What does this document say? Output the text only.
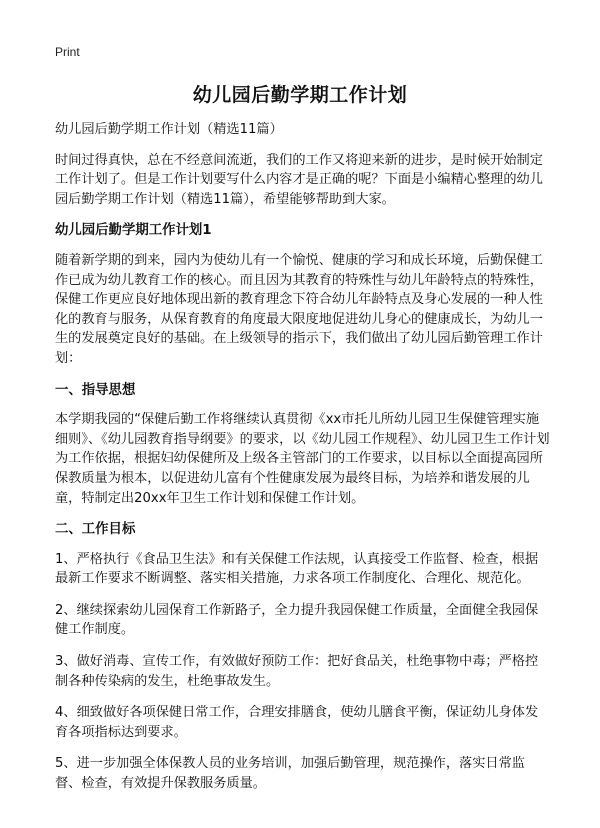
Print
幼儿园后勤学期工作计划

幼儿园后勤学期工作计划（精选11篇）

时间过得真快，总在不经意间流逝，我们的工作又将迎来新的进步，是时候开始制定工作计划了。但是工作计划要写什么内容才是正确的呢？下面是小编精心整理的幼儿园后勤学期工作计划（精选11篇），希望能够帮助到大家。

幼儿园后勤学期工作计划1

随着新学期的到来，园内为使幼儿有一个愉悦、健康的学习和成长环境，后勤保健工作已成为幼儿教育工作的核心。而且因为其教育的特殊性与幼儿年龄特点的特殊性，保健工作更应良好地体现出新的教育理念下符合幼儿年龄特点及身心发展的一种人性化的教育与服务，从保育教育的角度最大限度地促进幼儿身心的健康成长，为幼儿一生的发展奠定良好的基础。在上级领导的指示下，我们做出了幼儿园后勤管理工作计划：

一、指导思想

本学期我园的“保健后勤工作将继续认真贯彻《xx市托儿所幼儿园卫生保健管理实施细则》、《幼儿园教育指导纲要》的要求，以《幼儿园工作规程》、幼儿园卫生工作计划为工作依据，根据妇幼保健所及上级各主管部门的工作要求，以目标以全面提高园所保教质量为根本，以促进幼儿富有个性健康发展为最终目标，为培养和谐发展的儿童，特制定出20xx年卫生工作计划和保健工作计划。

二、工作目标

1、严格执行《食品卫生法》和有关保健工作法规，认真接受工作监督、检查，根据最新工作要求不断调整、落实相关措施，力求各项工作制度化、合理化、规范化。

2、继续探索幼儿园保育工作新路子，全力提升我园保健工作质量，全面健全我园保健工作制度。

3、做好消毒、宣传工作，有效做好预防工作：把好食品关，杜绝事物中毒；严格控制各种传染病的发生，杜绝事故发生。

4、细致做好各项保健日常工作，合理安排膳食，使幼儿膳食平衡，保证幼儿身体发育各项指标达到要求。

5、进一步加强全体保教人员的业务培训，加强后勤管理，规范操作，落实日常监督、检查，有效提升保教服务质量。
